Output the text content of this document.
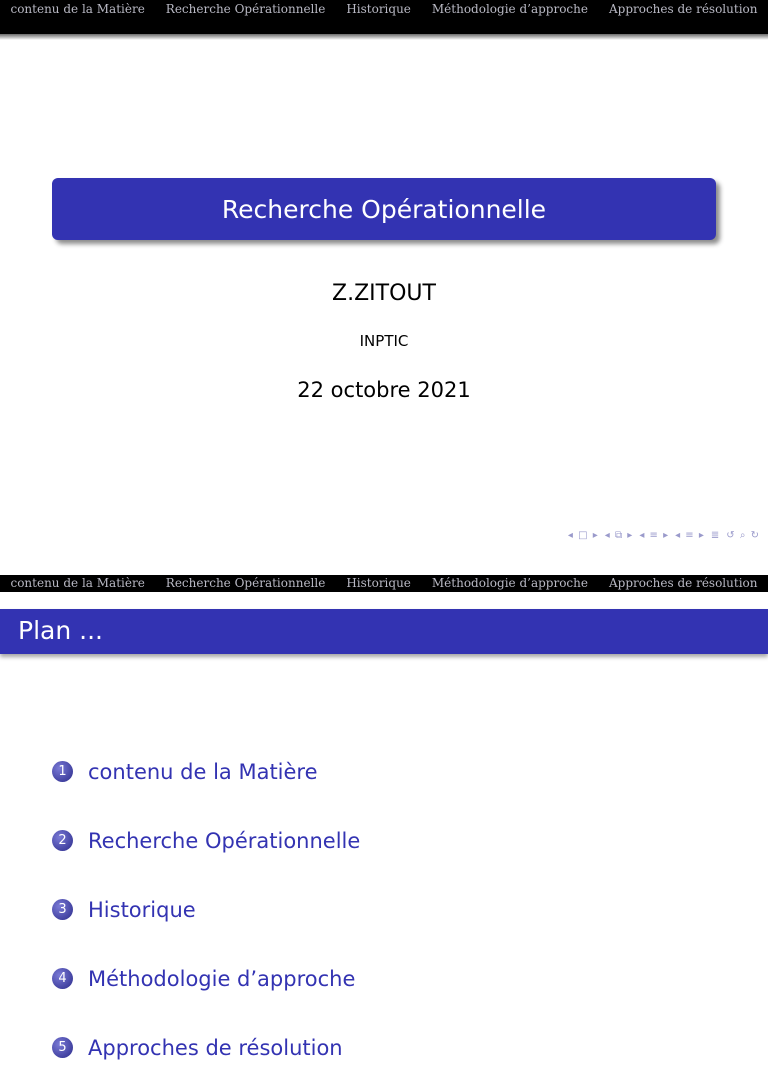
contenu de la Matière Recherche Opérationnelle Historique Méthodologie d’approche Approches de résolution
Recherche Opérationnelle
Z.ZITOUT
INPTIC
22 octobre 2021
◂ □ ▸ ◂ ⧉ ▸ ◂ ≡ ▸ ◂ ≡ ▸ ≣ ↺ ⌕ ↻
contenu de la Matière Recherche Opérationnelle Historique Méthodologie d’approche Approches de résolution
Plan ...
1	contenu de la Matière
2	Recherche Opérationnelle
3	Historique
4	Méthodologie d’approche
5	Approches de résolution
